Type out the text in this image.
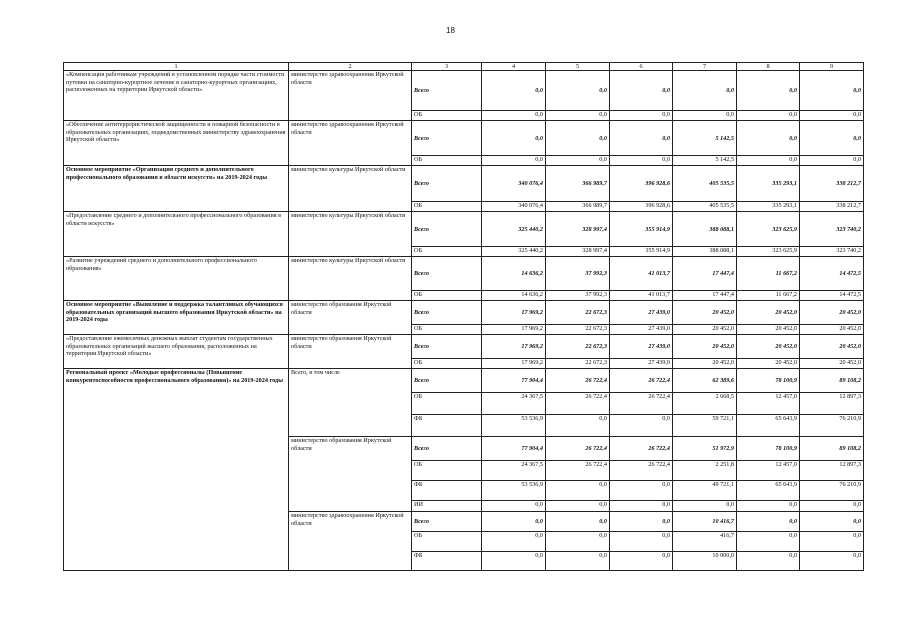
18
1	2	3	4	5	6	7	8	9
«Компенсация работникам учреждений в установленном порядке части стоимости путевки на санаторно-курортное лечение в санаторно-курортных организациях, расположенных на территории Иркутской области»	министерство здравоохранения Иркутской области	Всего	0,0	0,0	0,0	0,0	0,0	0,0
		ОБ	0,0	0,0	0,0	0,0	0,0	0,0
«Обеспечение антитеррористической защищенности и пожарной безопасности в образовательных организациях, подведомственных министерству здравоохранения Иркутской области»	министерство здравоохранения Иркутской области	Всего	0,0	0,0	0,0	5 142,5	0,0	0,0
		ОБ	0,0	0,0	0,0	5 142,5	0,0	0,0
Основное мероприятие «Организация среднего и дополнительного профессионального образования в области искусств» на 2019-2024 годы	министерство культуры Иркутской области	Всего	340 076,4	366 989,7	396 928,6	405 535,5	335 293,1	338 212,7
		ОБ	340 076,4	366 989,7	396 928,6	405 535,5	335 293,1	338 212,7
«Предоставление среднего и дополнительного профессионального образования в области искусств»	министерство культуры Иркутской области	Всего	325 440,2	328 997,4	355 914,9	388 088,1	323 625,9	323 740,2
		ОБ	325 440,2	328 997,4	355 914,9	388 088,1	323 625,9	323 740,2
«Развитие учреждений среднего и дополнительного профессионального образования»	министерство культуры Иркутской области	Всего	14 636,2	37 992,3	41 013,7	17 447,4	11 667,2	14 472,5
		ОБ	14 636,2	37 992,3	41 013,7	17 447,4	11 667,2	14 472,5
Основное мероприятие «Выявление и поддержка талантливых обучающихся образовательных организаций высшего образования Иркутской области» на 2019-2024 годы	министерство образования Иркутской области	Всего	17 969,2	22 672,3	27 439,0	20 452,0	20 452,0	20 452,0
		ОБ	17 969,2	22 672,3	27 439,0	20 452,0	20 452,0	20 452,0
«Предоставление ежемесячных денежных выплат студентам государственных образовательных организаций высшего образования, расположенных на территории Иркутской области»	министерство образования Иркутской области	Всего	17 969,2	22 672,3	27 439,0	20 452,0	20 452,0	20 452,0
		ОБ	17 969,2	22 672,3	27 439,0	20 452,0	20 452,0	20 452,0
Региональный проект «Молодые профессионалы (Повышение конкурентоспособности профессионального образования)» на 2019-2024 годы	Всего, в том числе	Всего	77 904,4	26 722,4	26 722,4	62 389,6	78 100,9	89 108,2
		ОБ	24 367,5	26 722,4	26 722,4	2 668,5	12 457,0	12 897,3
		ФБ	53 536,9	0,0	0,0	59 721,1	65 643,9	76 210,9
	министерство образования Иркутской области	Всего	77 904,4	26 722,4	26 722,4	51 972,9	78 100,9	89 108,2
		ОБ	24 367,5	26 722,4	26 722,4	2 251,8	12 457,0	12 897,3
		ФБ	53 536,9	0,0	0,0	49 721,1	65 643,9	76 210,9
		ИИ	0,0	0,0	0,0	0,0	0,0	0,0
	министерство здравоохранения Иркутской области	Всего	0,0	0,0	0,0	10 416,7	0,0	0,0
		ОБ	0,0	0,0	0,0	416,7	0,0	0,0
		ФБ	0,0	0,0	0,0	10 000,0	0,0	0,0
